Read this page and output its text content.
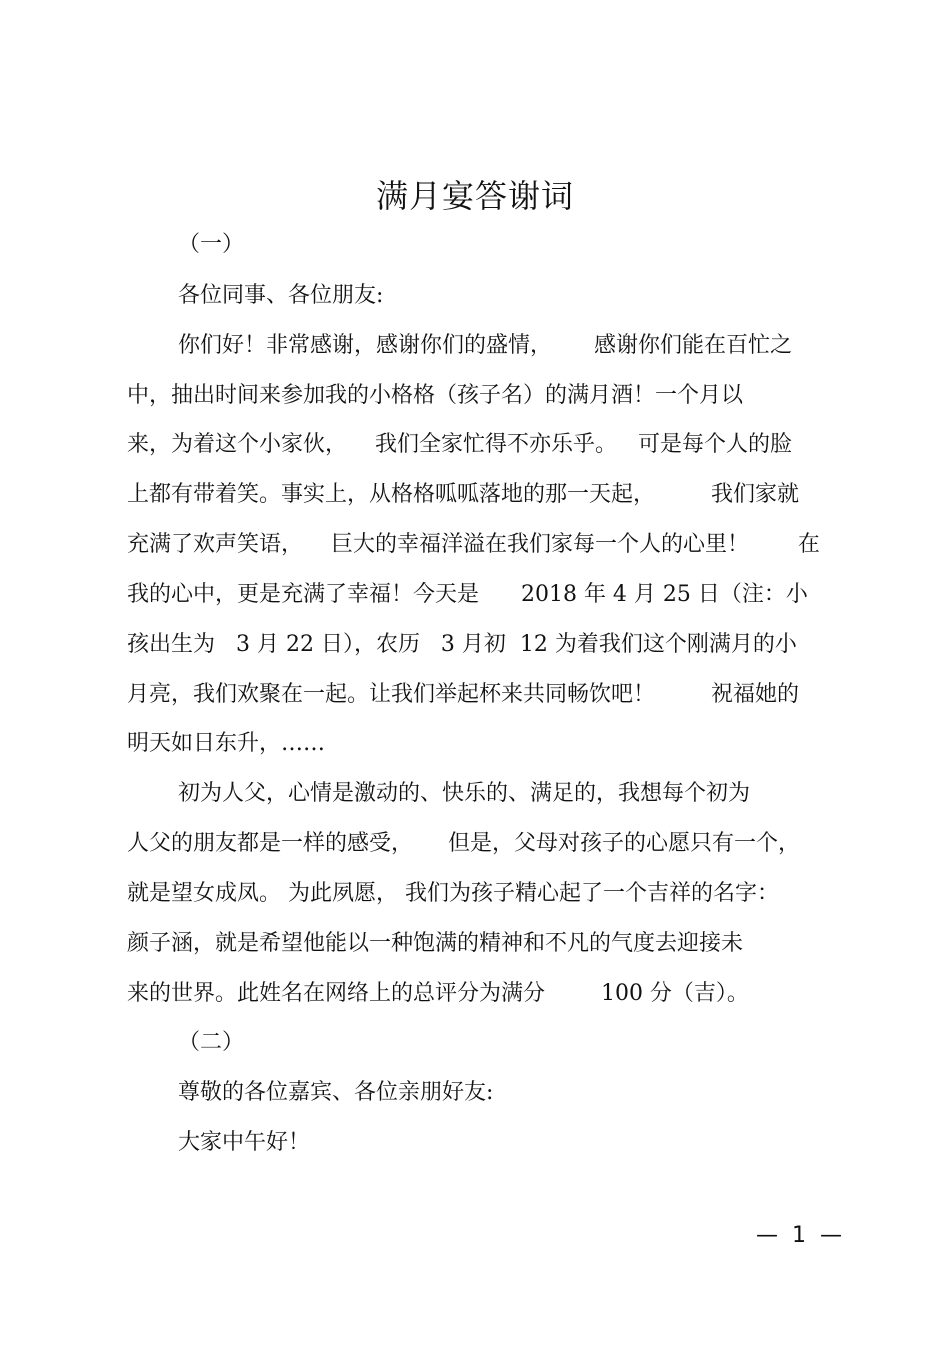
满月宴答谢词
（一）
各位同事、各位朋友:
你们好！非常感谢，感谢你们的盛情，      感谢你们能在百忙之
中，抽出时间来参加我的小格格（孩子名）的满月酒！一个月以
来，为着这个小家伙，    我们全家忙得不亦乐乎。   可是每个人的脸
上都有带着笑。事实上，从格格呱呱落地的那一天起，        我们家就
充满了欢声笑语，    巨大的幸福洋溢在我们家每一个人的心里！       在
我的心中，更是充满了幸福！今天是      2018 年 4 月 25 日（注：小
孩出生为   3 月 22 日），农历   3 月初  12 为着我们这个刚满月的小
月亮，我们欢聚在一起。让我们举起杯来共同畅饮吧！        祝福她的
明天如日东升，……
初为人父，心情是激动的、快乐的、满足的，我想每个初为
人父的朋友都是一样的感受，     但是，父母对孩子的心愿只有一个，
就是望女成凤。 为此夙愿， 我们为孩子精心起了一个吉祥的名字：
颜子涵，就是希望他能以一种饱满的精神和不凡的气度去迎接未
来的世界。此姓名在网络上的总评分为满分        100 分（吉）。
（二）
尊敬的各位嘉宾、各位亲朋好友:
大家中午好！
—  1  —
